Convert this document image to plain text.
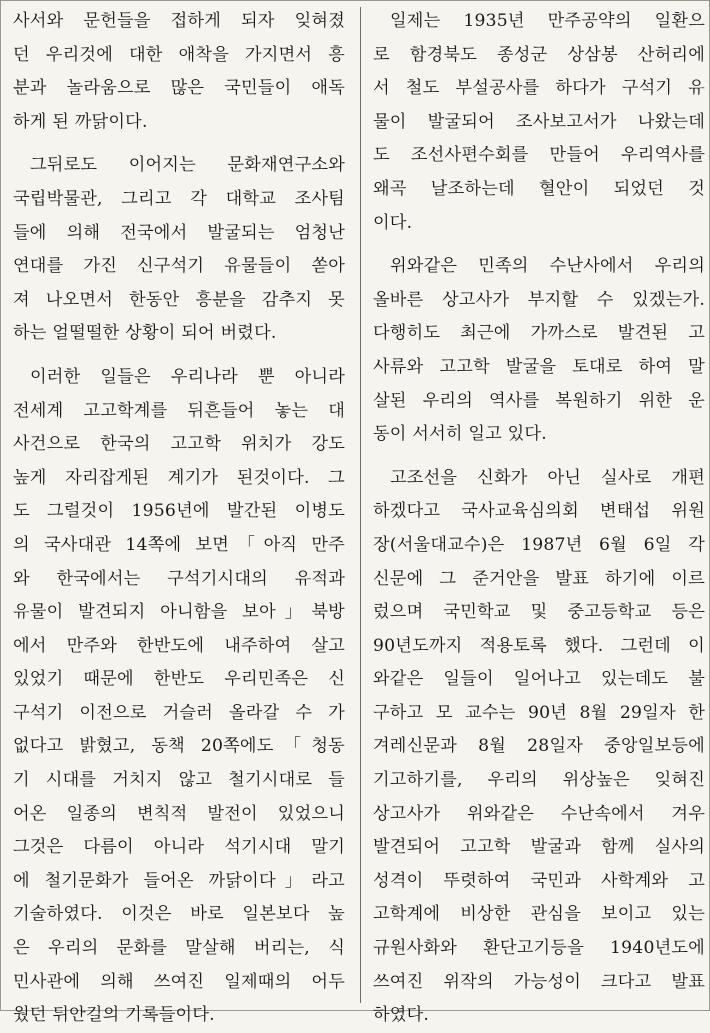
사서와 문헌들을 접하게 되자 잊혀졌
던 우리것에 대한 애착을 가지면서 흥
분과 놀라움으로 많은 국민들이 애독
하게 된 까닭이다.
그뒤로도 이어지는 문화재연구소와
국립박물관, 그리고 각 대학교 조사팀
들에 의해 전국에서 발굴되는 엄청난
연대를 가진 신구석기 유물들이 쏟아
져 나오면서 한동안 흥분을 감추지 못
하는 얼떨떨한 상황이 되어 버렸다.
이러한 일들은 우리나라 뿐 아니라
전세계 고고학계를 뒤흔들어 놓는 대
사건으로 한국의 고고학 위치가 강도
높게 자리잡게된 계기가 된것이다. 그
도 그럴것이 1956년에 발간된 이병도
의 국사대관 14쪽에 보면「아직 만주
와 한국에서는 구석기시대의 유적과
유물이 발견되지 아니함을 보아」북방
에서 만주와 한반도에 내주하여 살고
있었기 때문에 한반도 우리민족은 신
구석기 이전으로 거슬러 올라갈 수 가
없다고 밝혔고, 동책 20쪽에도「청동
기 시대를 거치지 않고 철기시대로 들
어온 일종의 변칙적 발전이 있었으니
그것은 다름이 아니라 석기시대 말기
에 철기문화가 들어온 까닭이다」라고
기술하였다. 이것은 바로 일본보다 높
은 우리의 문화를 말살해 버리는, 식
민사관에 의해 쓰여진 일제때의 어두
웠던 뒤안길의 기록들이다.
일제는 1935년 만주공약의 일환으
로 함경북도 종성군 상삼봉 산허리에
서 철도 부설공사를 하다가 구석기 유
물이 발굴되어 조사보고서가 나왔는데
도 조선사편수회를 만들어 우리역사를
왜곡 날조하는데 혈안이 되었던 것
이다.
위와같은 민족의 수난사에서 우리의
올바른 상고사가 부지할 수 있겠는가.
다행히도 최근에 가까스로 발견된 고
사류와 고고학 발굴을 토대로 하여 말
살된 우리의 역사를 복원하기 위한 운
동이 서서히 일고 있다.
고조선을 신화가 아닌 실사로 개편
하겠다고 국사교육심의회 변태섭 위원
장(서울대교수)은 1987년 6월 6일 각
신문에 그 준거안을 발표 하기에 이르
렀으며 국민학교 및 중고등학교 등은
90년도까지 적용토록 했다. 그런데 이
와같은 일들이 일어나고 있는데도 불
구하고 모 교수는 90년 8월 29일자 한
겨레신문과 8월 28일자 중앙일보등에
기고하기를, 우리의 위상높은 잊혀진
상고사가 위와같은 수난속에서 겨우
발견되어 고고학 발굴과 함께 실사의
성격이 뚜렷하여 국민과 사학계와 고
고학계에 비상한 관심을 보이고 있는
규원사화와 환단고기등을 1940년도에
쓰여진 위작의 가능성이 크다고 발표
하였다.
